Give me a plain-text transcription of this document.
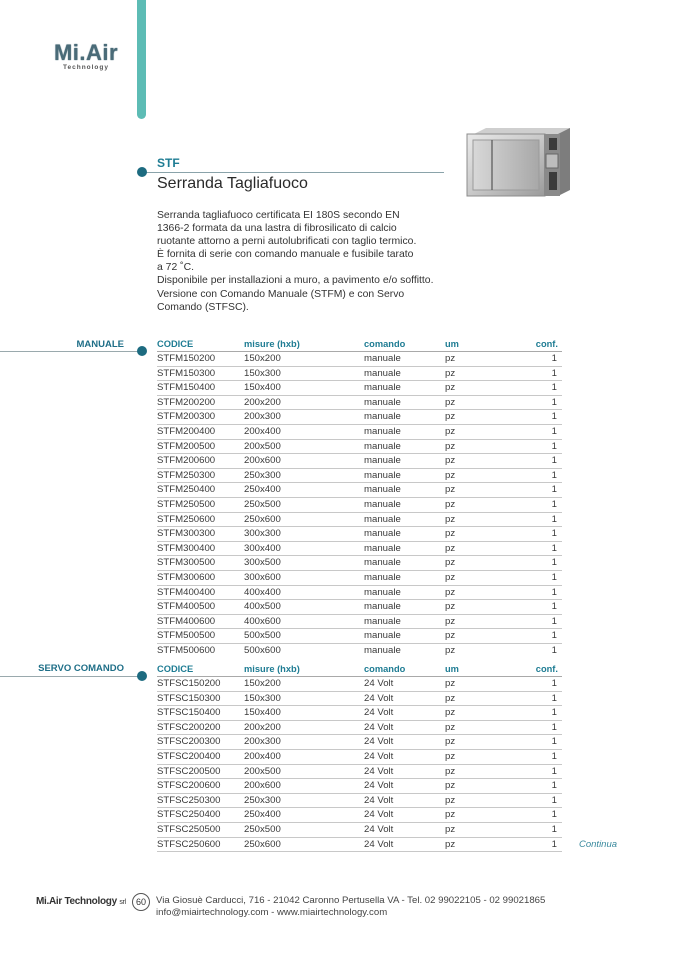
Mi.Air
Technology
STF
Serranda Tagliafuoco
Serranda tagliafuoco certificata EI 180S secondo EN
1366-2 formata da una lastra di fibrosilicato di calcio
ruotante attorno a perni autolubrificati con taglio termico.
È fornita di serie con comando manuale e fusibile tarato
a 72 ˚C.
Disponibile per installazioni a muro, a pavimento e/o soffitto.
Versione con Comando Manuale (STFM) e con Servo
Comando (STFSC).
MANUALE	CODICE	misure (hxb)	comando	um	conf.
STFM150200	150x200	manuale	pz	1
STFM150300	150x300	manuale	pz	1
STFM150400	150x400	manuale	pz	1
STFM200200	200x200	manuale	pz	1
STFM200300	200x300	manuale	pz	1
STFM200400	200x400	manuale	pz	1
STFM200500	200x500	manuale	pz	1
STFM200600	200x600	manuale	pz	1
STFM250300	250x300	manuale	pz	1
STFM250400	250x400	manuale	pz	1
STFM250500	250x500	manuale	pz	1
STFM250600	250x600	manuale	pz	1
STFM300300	300x300	manuale	pz	1
STFM300400	300x400	manuale	pz	1
STFM300500	300x500	manuale	pz	1
STFM300600	300x600	manuale	pz	1
STFM400400	400x400	manuale	pz	1
STFM400500	400x500	manuale	pz	1
STFM400600	400x600	manuale	pz	1
STFM500500	500x500	manuale	pz	1
STFM500600	500x600	manuale	pz	1
SERVO COMANDO	CODICE	misure (hxb)	comando	um	conf.
STFSC150200 150x200	24 Volt	pz	1
STFSC150300 150x300	24 Volt	pz	1
STFSC150400 150x400	24 Volt	pz	1
STFSC200200 200x200	24 Volt	pz	1
STFSC200300 200x300	24 Volt	pz	1
STFSC200400 200x400	24 Volt	pz	1
STFSC200500 200x500	24 Volt	pz	1
STFSC200600 200x600	24 Volt	pz	1
STFSC250300 250x300	24 Volt	pz	1
STFSC250400 250x400	24 Volt	pz	1
STFSC250500 250x500	24 Volt	pz	1
STFSC250600 250x600	24 Volt	pz	1 Continua
Mi.Air Technology srl	60	Via Giosuè Carducci, 716 - 21042 Caronno Pertusella VA - Tel. 02 99022105 - 02 99021865
info@miairtechnology.com - www.miairtechnology.com
